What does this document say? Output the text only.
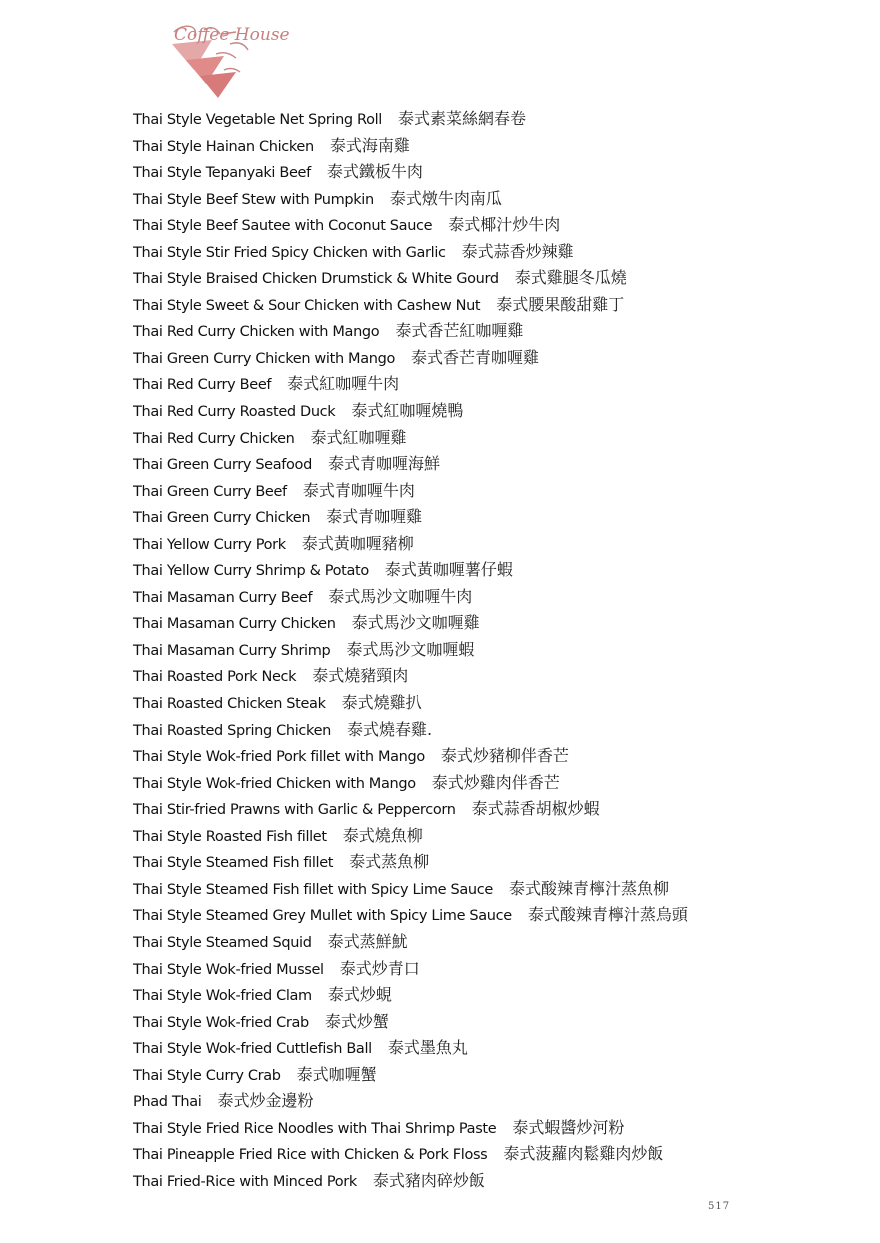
Coffee House
Thai Style Vegetable Net Spring Roll 泰式素菜絲網春卷
Thai Style Hainan Chicken 泰式海南雞
Thai Style Tepanyaki Beef 泰式鐵板牛肉
Thai Style Beef Stew with Pumpkin 泰式燉牛肉南瓜
Thai Style Beef Sautee with Coconut Sauce 泰式椰汁炒牛肉
Thai Style Stir Fried Spicy Chicken with Garlic 泰式蒜香炒辣雞
Thai Style Braised Chicken Drumstick & White Gourd 泰式雞腿冬瓜燒
Thai Style Sweet & Sour Chicken with Cashew Nut 泰式腰果酸甜雞丁
Thai Red Curry Chicken with Mango 泰式香芒紅咖喱雞
Thai Green Curry Chicken with Mango 泰式香芒青咖喱雞
Thai Red Curry Beef 泰式紅咖喱牛肉
Thai Red Curry Roasted Duck 泰式紅咖喱燒鴨
Thai Red Curry Chicken 泰式紅咖喱雞
Thai Green Curry Seafood 泰式青咖喱海鮮
Thai Green Curry Beef 泰式青咖喱牛肉
Thai Green Curry Chicken 泰式青咖喱雞
Thai Yellow Curry Pork 泰式黃咖喱豬柳
Thai Yellow Curry Shrimp & Potato 泰式黃咖喱薯仔蝦
Thai Masaman Curry Beef 泰式馬沙文咖喱牛肉
Thai Masaman Curry Chicken 泰式馬沙文咖喱雞
Thai Masaman Curry Shrimp 泰式馬沙文咖喱蝦
Thai Roasted Pork Neck 泰式燒豬頸肉
Thai Roasted Chicken Steak 泰式燒雞扒
Thai Roasted Spring Chicken 泰式燒春雞.
Thai Style Wok-fried Pork fillet with Mango 泰式炒豬柳伴香芒
Thai Style Wok-fried Chicken with Mango 泰式炒雞肉伴香芒
Thai Stir-fried Prawns with Garlic & Peppercorn 泰式蒜香胡椒炒蝦
Thai Style Roasted Fish fillet 泰式燒魚柳
Thai Style Steamed Fish fillet 泰式蒸魚柳
Thai Style Steamed Fish fillet with Spicy Lime Sauce 泰式酸辣青檸汁蒸魚柳
Thai Style Steamed Grey Mullet with Spicy Lime Sauce 泰式酸辣青檸汁蒸烏頭
Thai Style Steamed Squid 泰式蒸鮮魷
Thai Style Wok-fried Mussel 泰式炒青口
Thai Style Wok-fried Clam 泰式炒蜆
Thai Style Wok-fried Crab 泰式炒蟹
Thai Style Wok-fried Cuttlefish Ball 泰式墨魚丸
Thai Style Curry Crab 泰式咖喱蟹
Phad Thai 泰式炒金邊粉
Thai Style Fried Rice Noodles with Thai Shrimp Paste 泰式蝦醬炒河粉
Thai Pineapple Fried Rice with Chicken & Pork Floss 泰式菠蘿肉鬆雞肉炒飯
Thai Fried-Rice with Minced Pork 泰式豬肉碎炒飯
517
